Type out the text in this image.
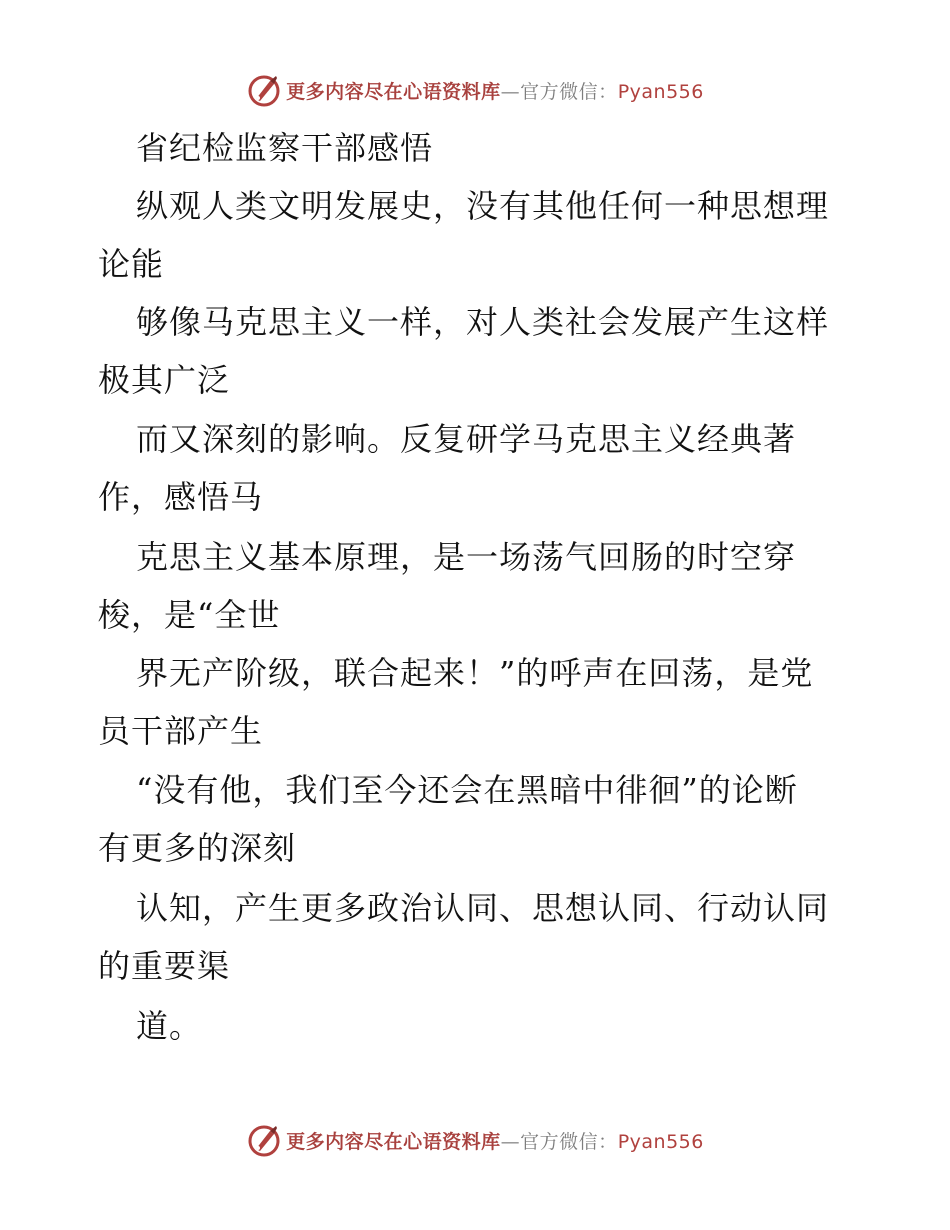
更多内容尽在心语资料库—官方微信：Pyan556
省纪检监察干部感悟
纵观人类文明发展史，没有其他任何一种思想理
论能
够像马克思主义一样，对人类社会发展产生这样
极其广泛
而又深刻的影响。反复研学马克思主义经典著
作，感悟马
克思主义基本原理，是一场荡气回肠的时空穿
梭，是“全世
界无产阶级，联合起来！”的呼声在回荡，是党
员干部产生
“没有他，我们至今还会在黑暗中徘徊”的论断
有更多的深刻
认知，产生更多政治认同、思想认同、行动认同
的重要渠
道。
更多内容尽在心语资料库—官方微信：Pyan556
